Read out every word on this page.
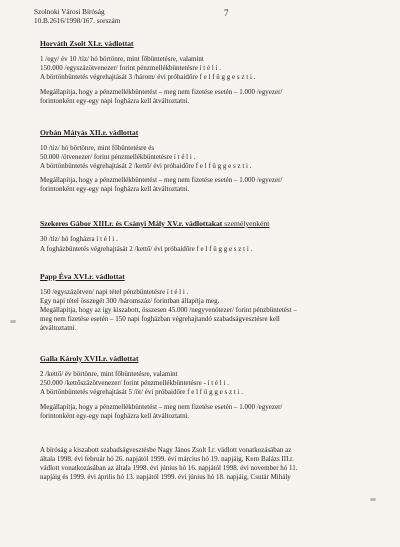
Szolnoki Városi Bíróság
10.B.2616/1998/167. sorszám
7
Horváth Zsolt XI.r. vádlottat
1 /egy/ év 10 /tíz/ hó börtönre, mint főbüntetésre, valamint
150.000 /egyszázötvenezer/ forint pénzmellékbüntetésre í t é l i .
A börtönbüntetés végrehajtását 3 /három/ évi próbaidőre f e l f ü g g e s z t i .
Megállapítja, hogy a pénzmellékbüntetést – meg nem fizetése esetén – 1.000 /egyezer/
forintonként egy-egy napi fogházra kell átváltoztatni.
Orbán Mátyás XII.r. vádlottat
10 /tíz/ hó börtönre, mint főbüntetésre és
50.000 /ötvenezer/ forint pénzmellékbüntetésre í t é l i .
A börtönbüntetés végrehajtását 2 /kettő/ évi próbaidőre f e l f ü g g e s z t i .
Megállapítja, hogy a pénzmellékbüntetést – meg nem fizetése esetén – 1.000 /egyezer/
forintonként egy-egy napi fogházra kell átváltoztatni.
Szekeres Gábor XIII.r. és Csányi Mály XV.r. vádlottakat személyenként
30 /tíz/ hó fogházra í t é l i .
A fogházbüntetés végrehajtását 2 /kettő/ évi próbaidőre f e l f ü g g e s z t i .
Papp Éva XVI.r. vádlottat
150 /egyszázötven/ napi tétel pénzbüntetésre í t é l i .
Egy napi tétel összegét 300 /háromszáz/ forintban állapítja meg.
Megállapítja, hogy az így kiszabott, összesen 45.000 /negyvenötezer/ forint pénzbüntetést –
meg nem fizetése esetén – 150 napi fogházban végrehajtandó szabadságvesztésre kell
átváltoztatni.
Galla Károly XVII.r. vádlottat
2 /kettő/ év börtönre, mint főbüntetésre, valamint
250.000 /kettőszázötvenezer/ forint pénzmellékbüntetésre - í t é l i .
A börtönbüntetés végrehajtását 5 /öt/ évi próbaidőre f e l f ü g g e s z t i .
Megállapítja, hogy a pénzmellékbüntetést – meg nem fizetése esetén – 1.000 /egyezer/
forintonként egy-egy napi fogházra kell átváltoztatni.
A bíróság a kiszabott szabadságvesztésbe Nagy János Zsolt I.r. vádlott vonatkozásában az
általa 1998. évi február hó 26. napjától 1999. évi március hó 19. napjáig, Kern Balázs III.r.
vádlott vonatkozásában az általa 1998. évi június hó 16. napjától 1998. évi november hó 11.
napjáig és 1999. évi április hó 13. napjától 1999. évi június hó 18. napjáig, Csutár Mihály
